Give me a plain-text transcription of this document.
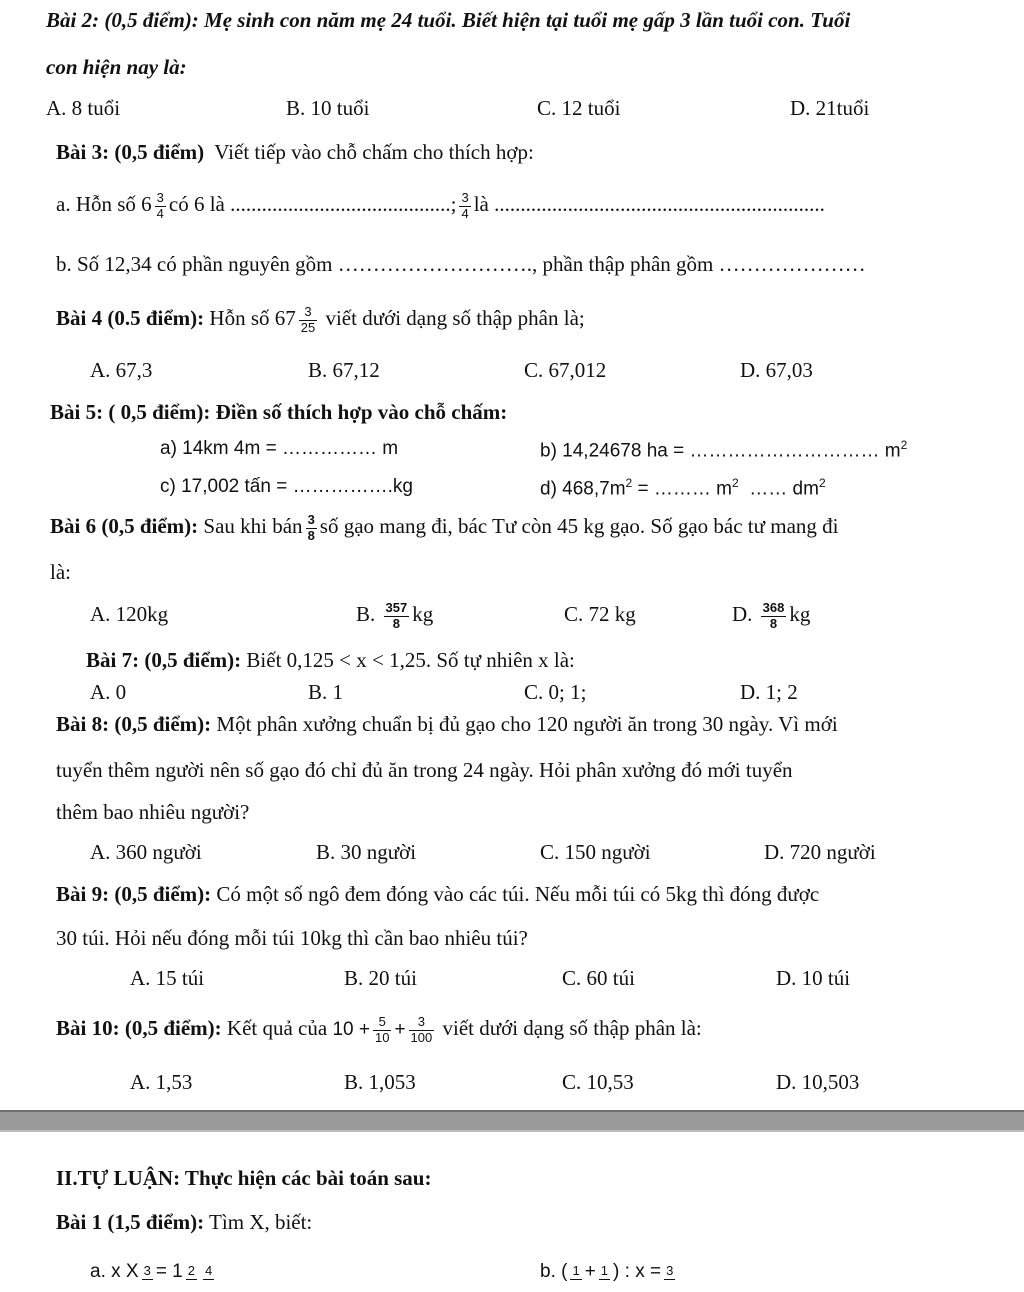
Bài 2: (0,5 điểm): Mẹ sinh con năm mẹ 24 tuổi. Biết hiện tại tuổi mẹ gấp 3 lần tuổi con. Tuổi
con hiện nay là:
A. 8 tuổi	B. 10 tuổi	C. 12 tuổi	D. 21tuổi
Bài 3: (0,5 điểm) Viết tiếp vào chỗ chấm cho thích hợp:
a. Hỗn số $6 \frac{3}{4}$ có 6 là ..........................................; $\frac{3}{4}$ là ...............................................................
b. Số 12,34 có phần nguyên gồm ………………………., phần thập phân gồm …………………
Bài 4 (0.5 điểm): Hỗn số $67 \frac{3}{25}$ viết dưới dạng số thập phân là;
A. 67,3	B. 67,12	C. 67,012	D. 67,03
Bài 5: ( 0,5 điểm): Điền số thích hợp vào chỗ chấm:
a) 14km 4m = …………… m	b) 14,24678 ha = ………………………… $m^2$
c) 17,002 tấn = …………….kg	d) $468,7m^2$ = ……… $m^2$ …… $dm^2$
Bài 6 (0,5 điểm): Sau khi bán $\frac{3}{8}$ số gạo mang đi, bác Tư còn 45 kg gạo. Số gạo bác tư mang đi
là:
A. 120kg	B. $\frac{357}{8}$ kg	C. 72 kg	D. $\frac{368}{8}$ kg
Bài 7: (0,5 điểm): Biết 0,125 < x < 1,25. Số tự nhiên x là:
A. 0	B. 1	C. 0; 1;	D. 1; 2
Bài 8: (0,5 điểm): Một phân xưởng chuẩn bị đủ gạo cho 120 người ăn trong 30 ngày. Vì mới
tuyển thêm người nên số gạo đó chỉ đủ ăn trong 24 ngày. Hỏi phân xưởng đó mới tuyển
thêm bao nhiêu người?
A. 360 người	B. 30 người	C. 150 người	D. 720 người
Bài 9: (0,5 điểm): Có một số ngô đem đóng vào các túi. Nếu mỗi túi có 5kg thì đóng được
30 túi. Hỏi nếu đóng mỗi túi 10kg thì cần bao nhiêu túi?
A. 15 túi	B. 20 túi	C. 60 túi	D. 10 túi
Bài 10: (0,5 điểm): Kết quả của $10 + \frac{5}{10} + \frac{3}{100}$ viết dưới dạng số thập phân là:
A. 1,53	B. 1,053	C. 10,53	D. 10,503
II.TỰ LUẬN: Thực hiện các bài toán sau:
Bài 1 (1,5 điểm): Tìm X, biết:
a. x X 3 = 1 2 4	b. ( 1 + 1 ) : x = 3
